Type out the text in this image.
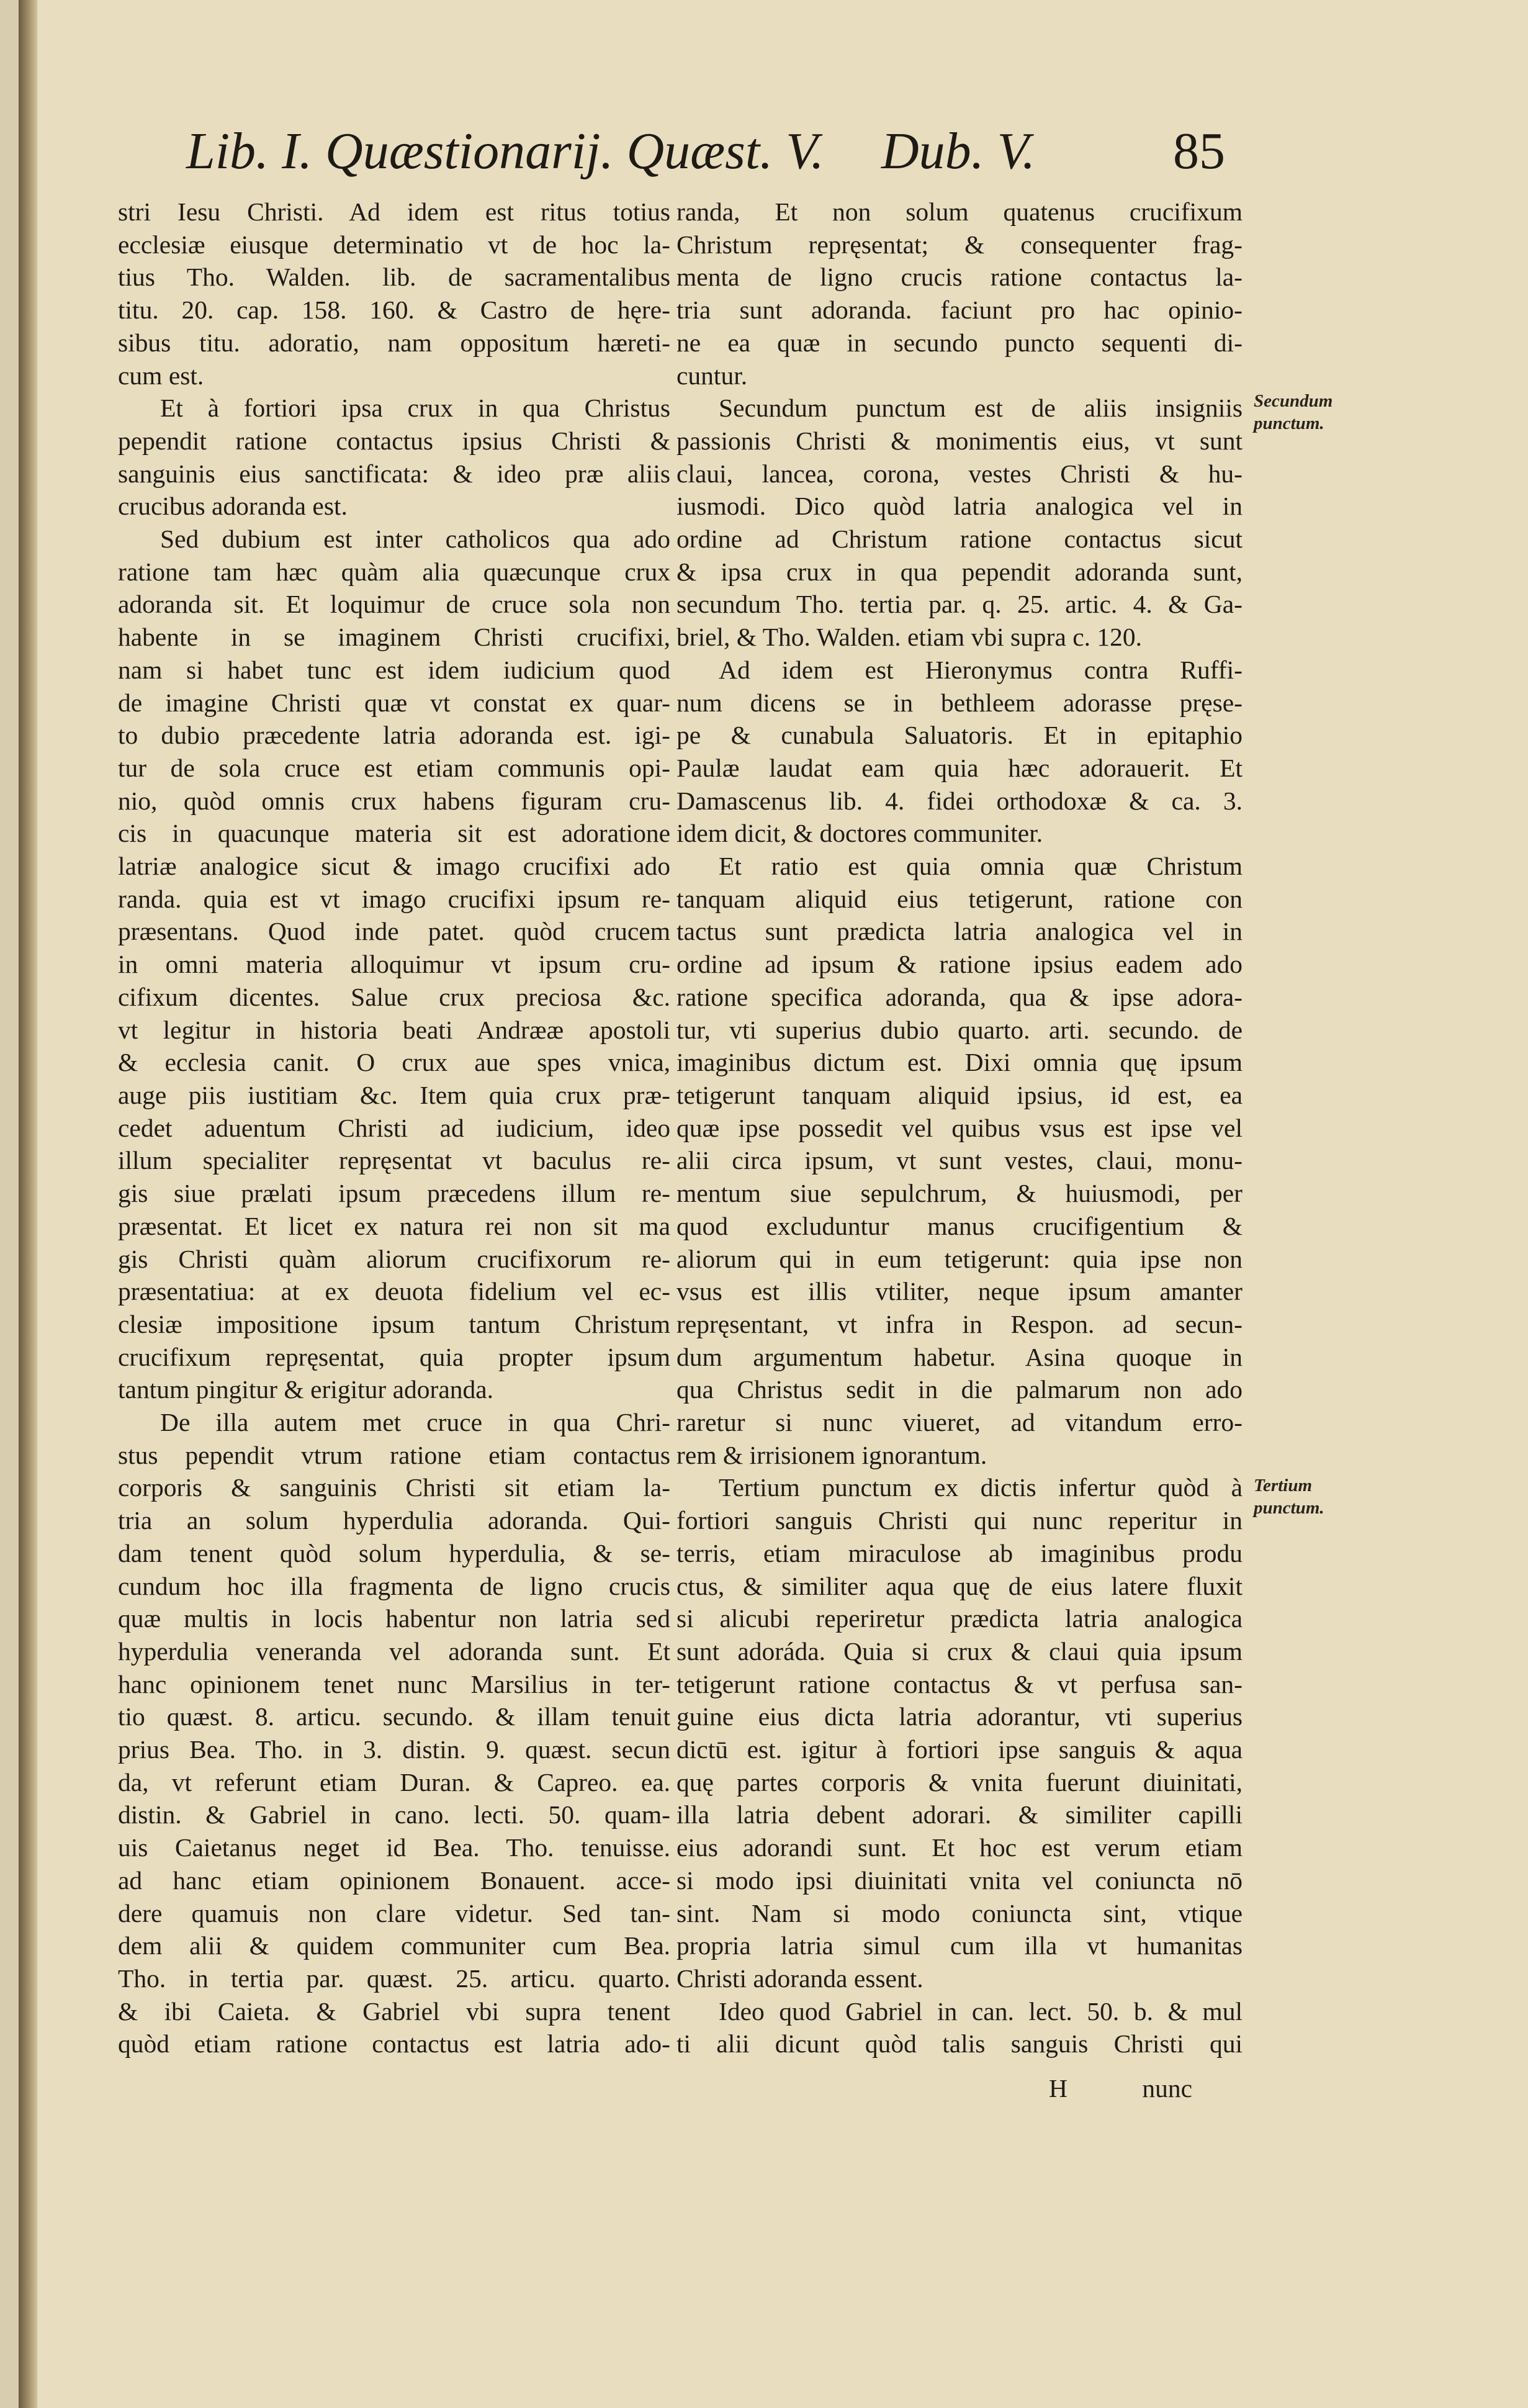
Lib. I. Quæstionarij. Quæst. V. Dub. V.	85
stri Iesu Christi. Ad idem est ritus totius
ecclesiæ eiusque determinatio vt de hoc la-
tius Tho. Walden. lib. de sacramentalibus
titu. 20. cap. 158. 160. & Castro de hęre-
sibus titu. adoratio, nam oppositum hæreti-
cum est.
Et à fortiori ipsa crux in qua Christus
pependit ratione contactus ipsius Christi &
sanguinis eius sanctificata: & ideo præ aliis
crucibus adoranda est.
Sed dubium est inter catholicos qua ado
ratione tam hæc quàm alia quæcunque crux
adoranda sit. Et loquimur de cruce sola non
habente in se imaginem Christi crucifixi,
nam si habet tunc est idem iudicium quod
de imagine Christi quæ vt constat ex quar-
to dubio præcedente latria adoranda est. igi-
tur de sola cruce est etiam communis opi-
nio, quòd omnis crux habens figuram cru-
cis in quacunque materia sit est adoratione
latriæ analogice sicut & imago crucifixi ado
randa. quia est vt imago crucifixi ipsum re-
præsentans. Quod inde patet. quòd crucem
in omni materia alloquimur vt ipsum cru-
cifixum dicentes. Salue crux preciosa &c.
vt legitur in historia beati Andrææ apostoli
& ecclesia canit. O crux aue spes vnica,
auge piis iustitiam &c. Item quia crux præ-
cedet aduentum Christi ad iudicium, ideo
illum specialiter repręsentat vt baculus re-
gis siue prælati ipsum præcedens illum re-
præsentat. Et licet ex natura rei non sit ma
gis Christi quàm aliorum crucifixorum re-
præsentatiua: at ex deuota fidelium vel ec-
clesiæ impositione ipsum tantum Christum
crucifixum repręsentat, quia propter ipsum
tantum pingitur & erigitur adoranda.
De illa autem met cruce in qua Chri-
stus pependit vtrum ratione etiam contactus
corporis & sanguinis Christi sit etiam la-
tria an solum hyperdulia adoranda. Qui-
dam tenent quòd solum hyperdulia, & se-
cundum hoc illa fragmenta de ligno crucis
quæ multis in locis habentur non latria sed
hyperdulia veneranda vel adoranda sunt. Et
hanc opinionem tenet nunc Marsilius in ter-
tio quæst. 8. articu. secundo. & illam tenuit
prius Bea. Tho. in 3. distin. 9. quæst. secun
da, vt referunt etiam Duran. & Capreo. ea.
distin. & Gabriel in cano. lecti. 50. quam-
uis Caietanus neget id Bea. Tho. tenuisse.
ad hanc etiam opinionem Bonauent. acce-
dere quamuis non clare videtur. Sed tan-
dem alii & quidem communiter cum Bea.
Tho. in tertia par. quæst. 25. articu. quarto.
& ibi Caieta. & Gabriel vbi supra tenent
quòd etiam ratione contactus est latria ado-
randa, Et non solum quatenus crucifixum
Christum repręsentat; & consequenter frag-
menta de ligno crucis ratione contactus la-
tria sunt adoranda. faciunt pro hac opinio-
ne ea quæ in secundo puncto sequenti di-
cuntur.
Secundum punctum est de aliis insigniis
passionis Christi & monimentis eius, vt sunt
claui, lancea, corona, vestes Christi & hu-
iusmodi. Dico quòd latria analogica vel in
ordine ad Christum ratione contactus sicut
& ipsa crux in qua pependit adoranda sunt,
secundum Tho. tertia par. q. 25. artic. 4. & Ga-
briel, & Tho. Walden. etiam vbi supra c. 120.
Ad idem est Hieronymus contra Ruffi-
num dicens se in bethleem adorasse pręse-
pe & cunabula Saluatoris. Et in epitaphio
Paulæ laudat eam quia hæc adorauerit. Et
Damascenus lib. 4. fidei orthodoxæ & ca. 3.
idem dicit, & doctores communiter.
Et ratio est quia omnia quæ Christum
tanquam aliquid eius tetigerunt, ratione con
tactus sunt prædicta latria analogica vel in
ordine ad ipsum & ratione ipsius eadem ado
ratione specifica adoranda, qua & ipse adora-
tur, vti superius dubio quarto. arti. secundo. de
imaginibus dictum est. Dixi omnia quę ipsum
tetigerunt tanquam aliquid ipsius, id est, ea
quæ ipse possedit vel quibus vsus est ipse vel
alii circa ipsum, vt sunt vestes, claui, monu-
mentum siue sepulchrum, & huiusmodi, per
quod excluduntur manus crucifigentium &
aliorum qui in eum tetigerunt: quia ipse non
vsus est illis vtiliter, neque ipsum amanter
repręsentant, vt infra in Respon. ad secun-
dum argumentum habetur. Asina quoque in
qua Christus sedit in die palmarum non ado
raretur si nunc viueret, ad vitandum erro-
rem & irrisionem ignorantum.
Tertium punctum ex dictis infertur quòd à
fortiori sanguis Christi qui nunc reperitur in
terris, etiam miraculose ab imaginibus produ
ctus, & similiter aqua quę de eius latere fluxit
si alicubi reperiretur prædicta latria analogica
sunt adoráda. Quia si crux & claui quia ipsum
tetigerunt ratione contactus & vt perfusa san-
guine eius dicta latria adorantur, vti superius
dictū est. igitur à fortiori ipse sanguis & aqua
quę partes corporis & vnita fuerunt diuinitati,
illa latria debent adorari. & similiter capilli
eius adorandi sunt. Et hoc est verum etiam
si modo ipsi diuinitati vnita vel coniuncta nō
sint. Nam si modo coniuncta sint, vtique
propria latria simul cum illa vt humanitas
Christi adoranda essent.
Ideo quod Gabriel in can. lect. 50. b. & mul
ti alii dicunt quòd talis sanguis Christi qui
Secundum
punctum.
Tertium
punctum.
H	nunc
